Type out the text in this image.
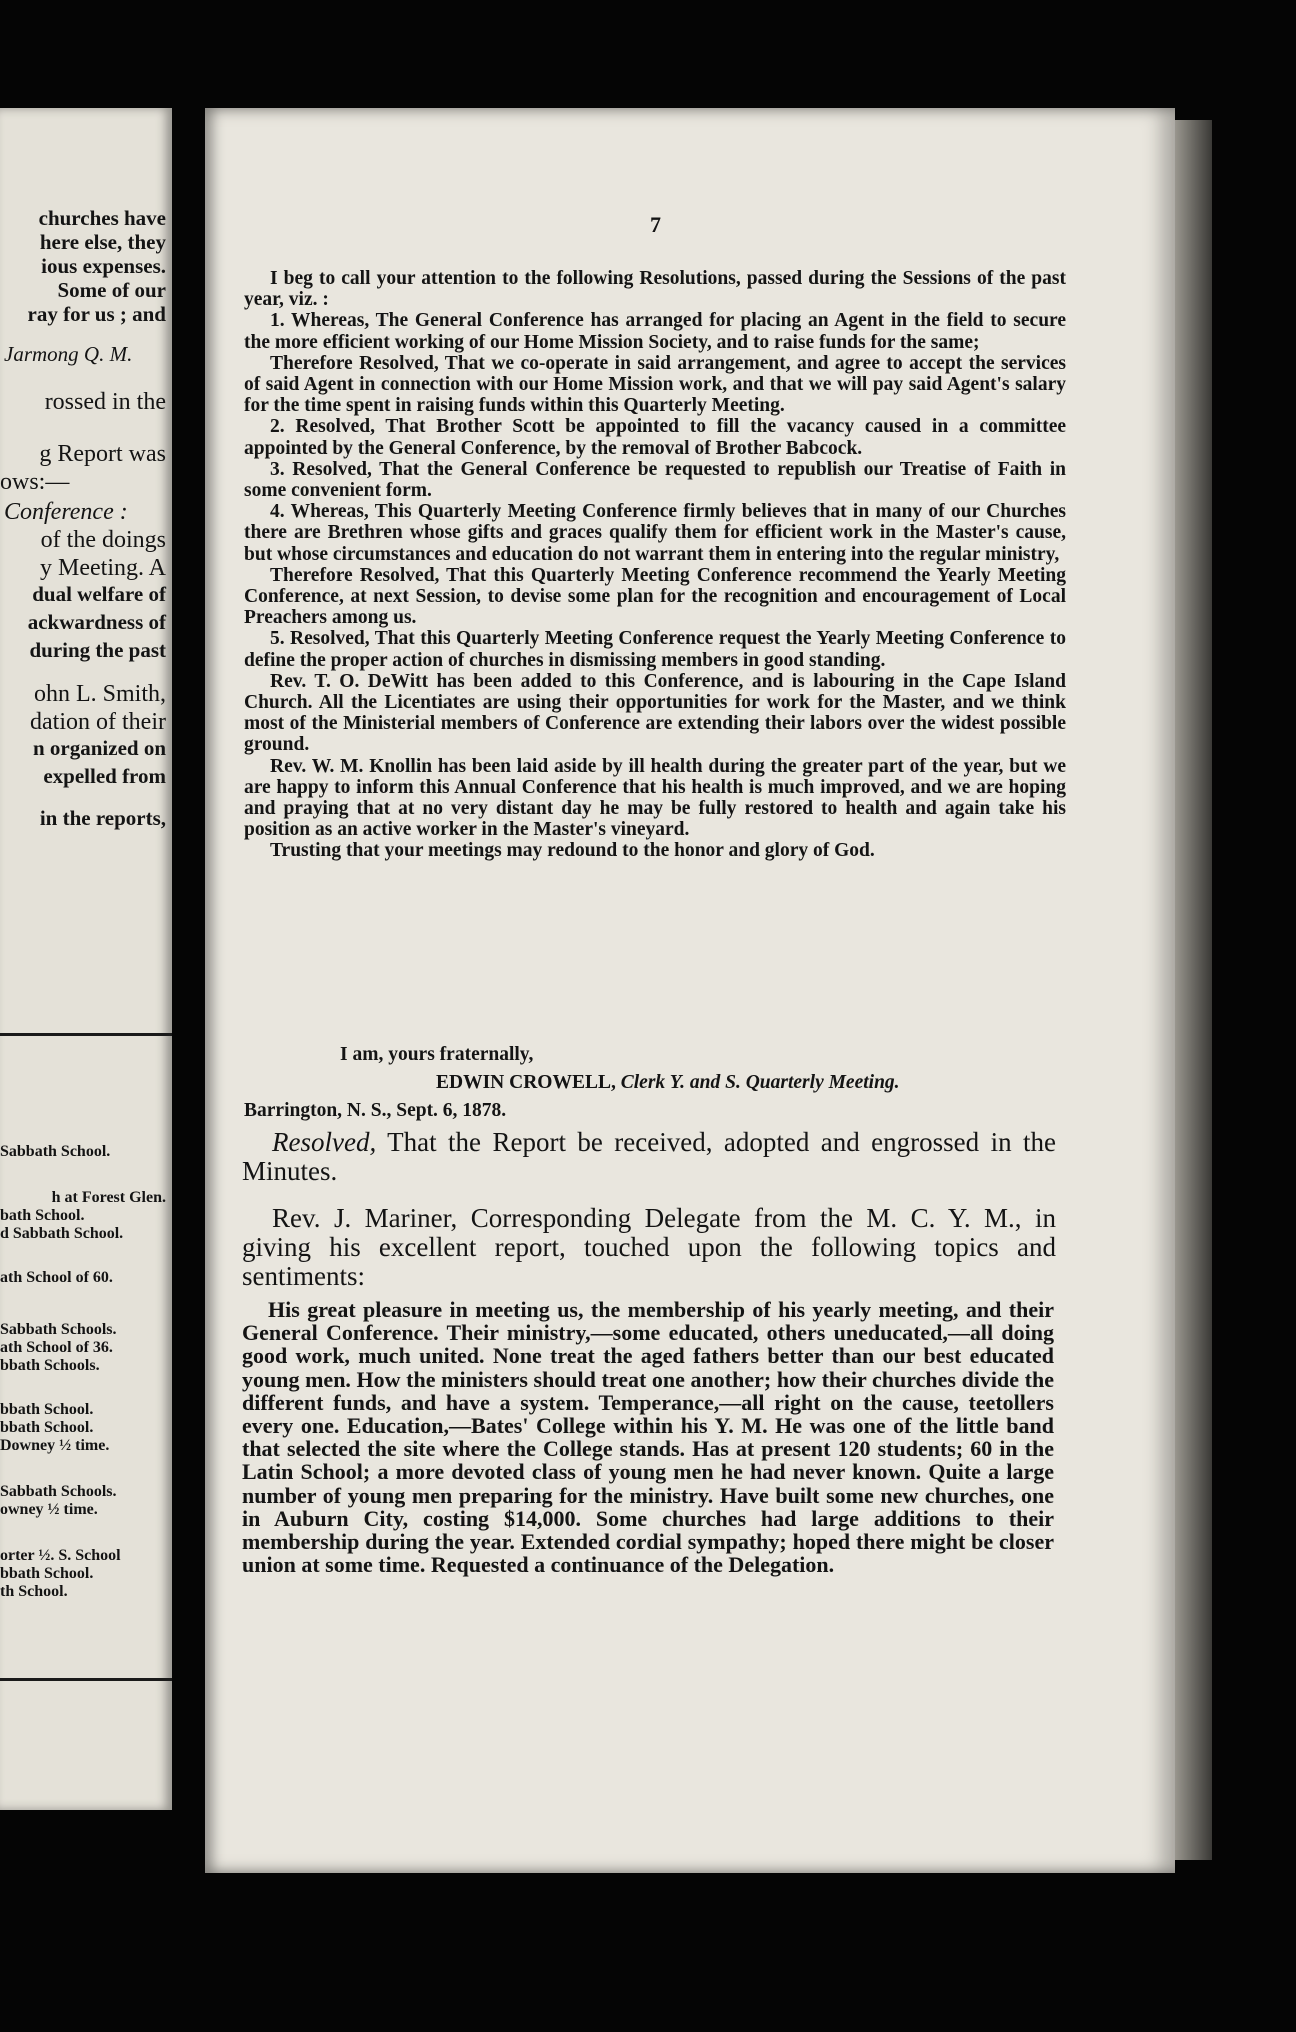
churches have
here else, they
ious expenses.
Some of our
ray for us ; and
Jarmong Q. M.
rossed in the
g Report was
ows:—
Conference :
of the doings
y Meeting. A
dual welfare of
ackwardness of
during the past
ohn L. Smith,
dation of their
n organized on
expelled from
in the reports,
Sabbath School.
h at Forest Glen.
bath School.
d Sabbath School.
ath School of 60.
Sabbath Schools.
ath School of 36.
bbath Schools.
bbath School.
bbath School.
Downey ½ time.
Sabbath Schools.
owney ½ time.
orter ½. S. School
bbath School.
th School.
7

I beg to call your attention to the following Resolutions, passed during the Sessions of the past year, viz. :

1. Whereas, The General Conference has arranged for placing an Agent in the field to secure the more efficient working of our Home Mission Society, and to raise funds for the same;

Therefore Resolved, That we co-operate in said arrangement, and agree to accept the services of said Agent in connection with our Home Mission work, and that we will pay said Agent's salary for the time spent in raising funds within this Quarterly Meeting.

2. Resolved, That Brother Scott be appointed to fill the vacancy caused in a committee appointed by the General Conference, by the removal of Brother Babcock.

3. Resolved, That the General Conference be requested to republish our Treatise of Faith in some convenient form.

4. Whereas, This Quarterly Meeting Conference firmly believes that in many of our Churches there are Brethren whose gifts and graces qualify them for efficient work in the Master's cause, but whose circumstances and education do not warrant them in entering into the regular ministry,

Therefore Resolved, That this Quarterly Meeting Conference recommend the Yearly Meeting Conference, at next Session, to devise some plan for the recognition and encouragement of Local Preachers among us.

5. Resolved, That this Quarterly Meeting Conference request the Yearly Meeting Conference to define the proper action of churches in dismissing members in good standing.

Rev. T. O. DeWitt has been added to this Conference, and is labouring in the Cape Island Church. All the Licentiates are using their opportunities for work for the Master, and we think most of the Ministerial members of Conference are extending their labors over the widest possible ground.

Rev. W. M. Knollin has been laid aside by ill health during the greater part of the year, but we are happy to inform this Annual Conference that his health is much improved, and we are hoping and praying that at no very distant day he may be fully restored to health and again take his position as an active worker in the Master's vineyard.

Trusting that your meetings may redound to the honor and glory of God.

I am, yours fraternally,
EDWIN CROWELL, Clerk Y. and S. Quarterly Meeting.
Barrington, N. S., Sept. 6, 1878.

Resolved, That the Report be received, adopted and engrossed in the Minutes.

Rev. J. Mariner, Corresponding Delegate from the M. C. Y. M., in giving his excellent report, touched upon the following topics and sentiments:

His great pleasure in meeting us, the membership of his yearly meeting, and their General Conference. Their ministry,—some educated, others uneducated,—all doing good work, much united. None treat the aged fathers better than our best educated young men. How the ministers should treat one another; how their churches divide the different funds, and have a system. Temperance,—all right on the cause, teetollers every one. Education,—Bates' College within his Y. M. He was one of the little band that selected the site where the College stands. Has at present 120 students; 60 in the Latin School; a more devoted class of young men he had never known. Quite a large number of young men preparing for the ministry. Have built some new churches, one in Auburn City, costing $14,000. Some churches had large additions to their membership during the year. Extended cordial sympathy; hoped there might be closer union at some time. Requested a continuance of the Delegation.
